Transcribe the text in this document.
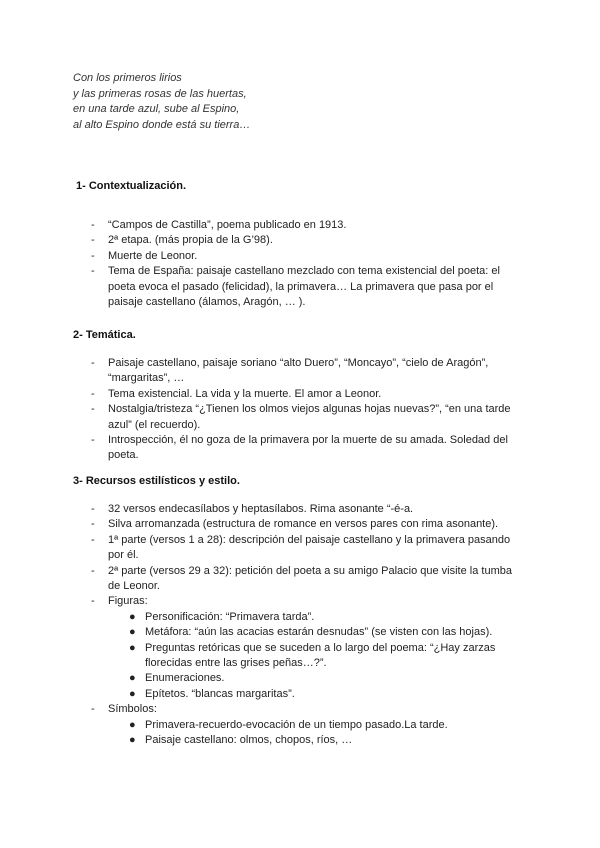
Con los primeros lirios
y las primeras rosas de las huertas,
en una tarde azul, sube al Espino,
al alto Espino donde está su tierra…
1- Contextualización.
- “Campos de Castilla”, poema publicado en 1913.
- 2ª etapa. (más propia de la G’98).
- Muerte de Leonor.
- Tema de España: paisaje castellano mezclado con tema existencial del poeta: el poeta evoca el pasado (felicidad), la primavera… La primavera que pasa por el paisaje castellano (álamos, Aragón, … ).
2- Temática.
- Paisaje castellano, paisaje soriano “alto Duero”, “Moncayo”, “cielo de Aragón”, “margaritas”, …
- Tema existencial. La vida y la muerte. El amor a Leonor.
- Nostalgia/tristeza “¿Tienen los olmos viejos algunas hojas nuevas?”, “en una tarde azul” (el recuerdo).
- Introspección, él no goza de la primavera por la muerte de su amada. Soledad del poeta.
3- Recursos estilísticos y estilo.
- 32 versos endecasílabos y heptasílabos. Rima asonante “-é-a.
- Silva arromanzada (estructura de romance en versos pares con rima asonante).
- 1ª parte (versos 1 a 28): descripción del paisaje castellano y la primavera pasando por él.
- 2ª parte (versos 29 a 32): petición del poeta a su amigo Palacio que visite la tumba de Leonor.
- Figuras:
● Personificación: “Primavera tarda”.
● Metáfora: “aún las acacias estarán desnudas” (se visten con las hojas).
● Preguntas retóricas que se suceden a lo largo del poema: “¿Hay zarzas florecidas entre las grises peñas…?”.
● Enumeraciones.
● Epítetos. “blancas margaritas”.
- Símbolos:
● Primavera-recuerdo-evocación de un tiempo pasado.La tarde.
● Paisaje castellano: olmos, chopos, ríos, …
